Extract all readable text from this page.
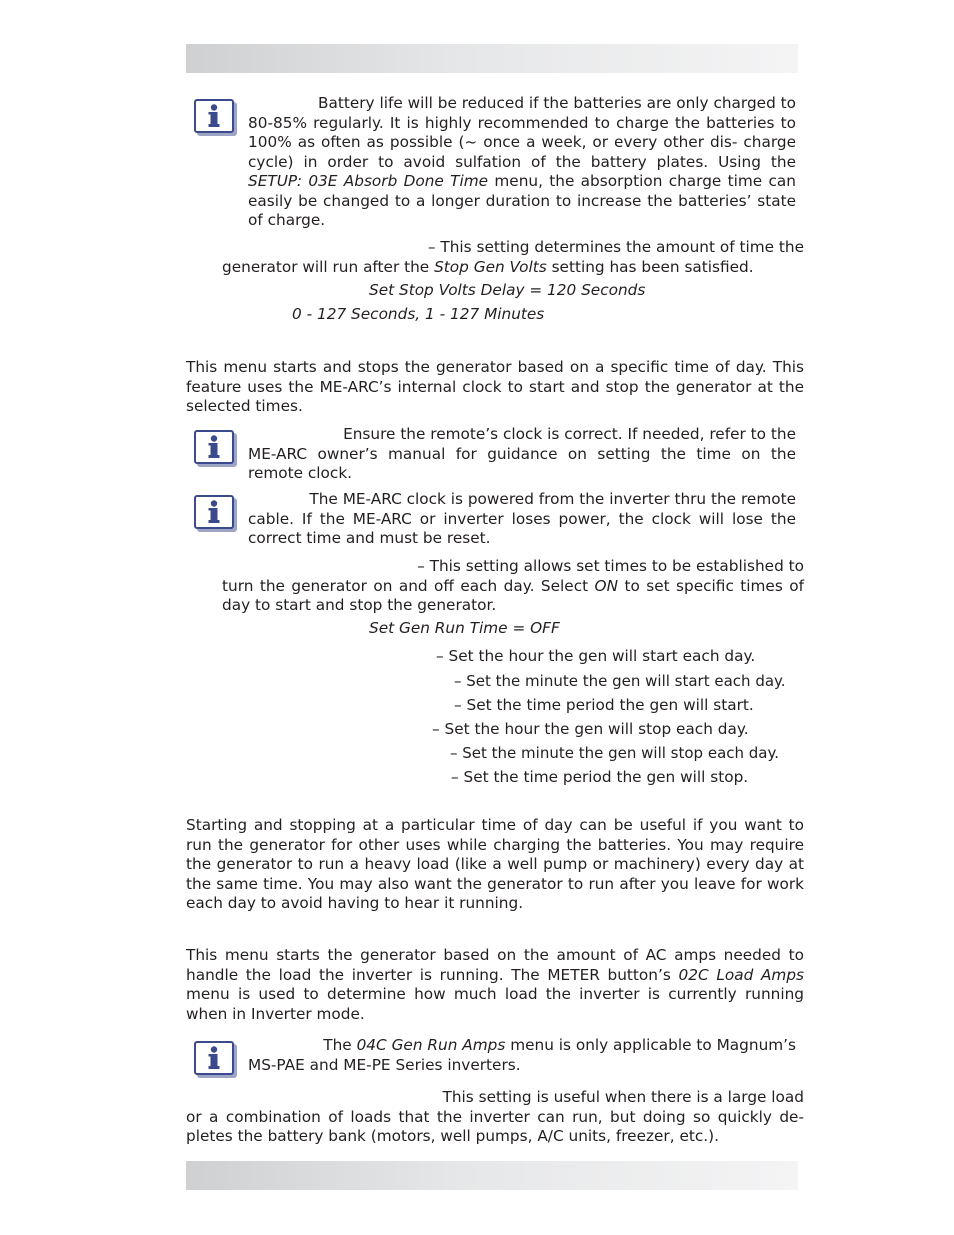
Battery life will be reduced if the batteries are only charged to
80-85% regularly. It is highly recommended to charge the batteries to 100% as often as possible (~ once a week, or every other dis- charge cycle) in order to avoid sulfation of the battery plates. Using the SETUP: 03E Absorb Done Time menu, the absorption charge time can easily be changed to a longer duration to increase the batteries’ state of charge.
– This setting determines the amount of time the
generator will run after the Stop Gen Volts setting has been satisfied.
Set Stop Volts Delay = 120 Seconds
0 - 127 Seconds, 1 - 127 Minutes
This menu starts and stops the generator based on a specific time of day. This feature uses the ME-ARC’s internal clock to start and stop the generator at the selected times.
Ensure the remote’s clock is correct. If needed, refer to the
ME-ARC owner’s manual for guidance on setting the time on the remote clock.
The ME-ARC clock is powered from the inverter thru the remote
cable. If the ME-ARC or inverter loses power, the clock will lose the correct time and must be reset.
– This setting allows set times to be established to
turn the generator on and off each day. Select ON to set specific times of day to start and stop the generator.
Set Gen Run Time = OFF
– Set the hour the gen will start each day.
– Set the minute the gen will start each day.
– Set the time period the gen will start.
– Set the hour the gen will stop each day.
– Set the minute the gen will stop each day.
– Set the time period the gen will stop.
Starting and stopping at a particular time of day can be useful if you want to run the generator for other uses while charging the batteries. You may require the generator to run a heavy load (like a well pump or machinery) every day at the same time. You may also want the generator to run after you leave for work each day to avoid having to hear it running.
This menu starts the generator based on the amount of AC amps needed to handle the load the inverter is running. The METER button’s 02C Load Amps menu is used to determine how much load the inverter is currently running when in Inverter mode.
The 04C Gen Run Amps menu is only applicable to Magnum’s
MS-PAE and ME-PE Series inverters.
This setting is useful when there is a large load
or a combination of loads that the inverter can run, but doing so quickly de- pletes the battery bank (motors, well pumps, A/C units, freezer, etc.).
